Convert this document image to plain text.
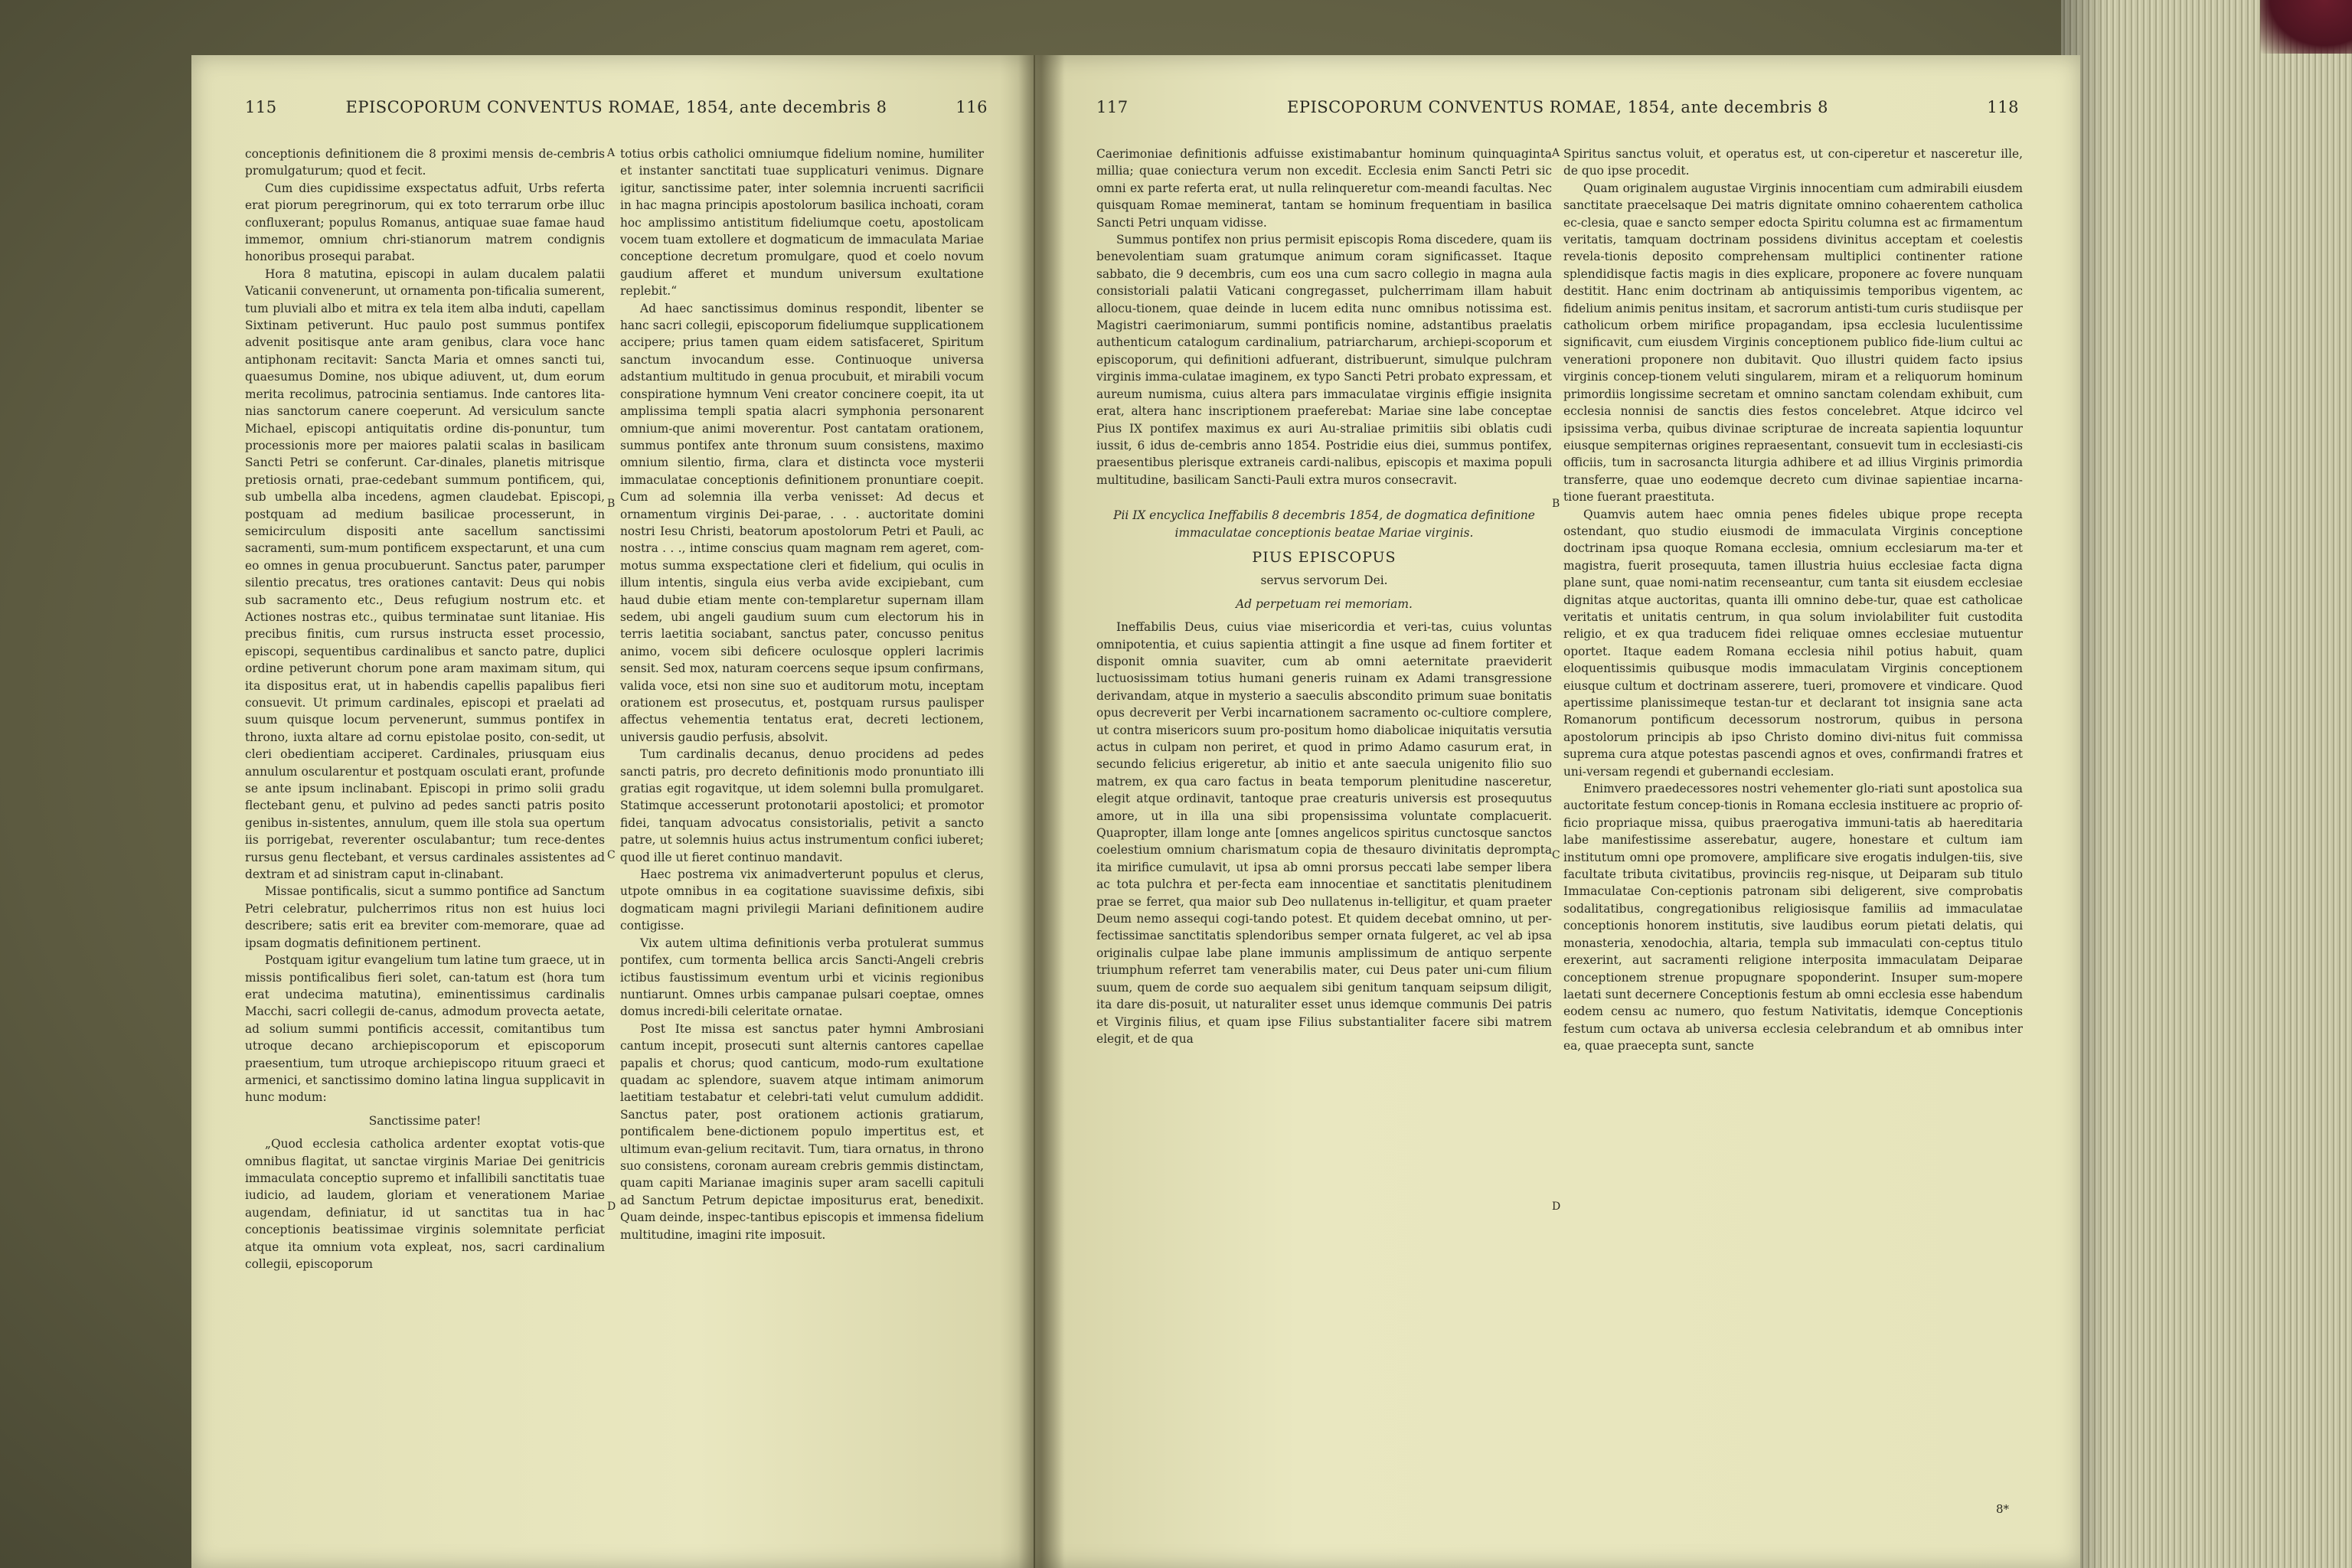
115	EPISCOPORUM CONVENTUS ROMAE, 1854, ante decembris 8	116

conceptionis definitionem die 8 proximi mensis de-cembris promulgaturum; quod et fecit.

Cum dies cupidissime exspectatus adfuit, Urbs referta erat piorum peregrinorum, qui ex toto terrarum orbe illuc confluxerant; populus Romanus, antiquae suae famae haud immemor, omnium chri-stianorum matrem condignis honoribus prosequi parabat.

Hora 8 matutina, episcopi in aulam ducalem palatii Vaticanii convenerunt, ut ornamenta pon-tificalia sumerent, tum pluviali albo et mitra ex tela item alba induti, capellam Sixtinam petiverunt. Huc paulo post summus pontifex advenit positisque ante aram genibus, clara voce hanc antiphonam recitavit: Sancta Maria et omnes sancti tui, quaesumus Domine, nos ubique adiuvent, ut, dum eorum merita recolimus, patrocinia sentiamus. Inde cantores lita-nias sanctorum canere coeperunt. Ad versiculum sancte Michael, episcopi antiquitatis ordine dis-ponuntur, tum processionis more per maiores palatii scalas in basilicam Sancti Petri se conferunt. Car-dinales, planetis mitrisque pretiosis ornati, prae-cedebant summum pontificem, qui, sub umbella alba incedens, agmen claudebat. Episcopi, postquam ad medium basilicae processerunt, in semicirculum dispositi ante sacellum sanctissimi sacramenti, sum-mum pontificem exspectarunt, et una cum eo omnes in genua procubuerunt. Sanctus pater, parumper silentio precatus, tres orationes cantavit: Deus qui nobis sub sacramento etc., Deus refugium nostrum etc. et Actiones nostras etc., quibus terminatae sunt litaniae. His precibus finitis, cum rursus instructa esset processio, episcopi, sequentibus cardinalibus et sancto patre, duplici ordine petiverunt chorum pone aram maximam situm, qui ita dispositus erat, ut in habendis capellis papalibus fieri consuevit. Ut primum cardinales, episcopi et praelati ad suum quisque locum pervenerunt, summus pontifex in throno, iuxta altare ad cornu epistolae posito, con-sedit, ut cleri obedientiam acciperet. Cardinales, priusquam eius annulum oscularentur et postquam osculati erant, profunde se ante ipsum inclinabant. Episcopi in primo solii gradu flectebant genu, et pulvino ad pedes sancti patris posito genibus in-sistentes, annulum, quem ille stola sua opertum iis porrigebat, reverenter osculabantur; tum rece-dentes rursus genu flectebant, et versus cardinales assistentes ad dextram et ad sinistram caput in-clinabant.

Missae pontificalis, sicut a summo pontifice ad Sanctum Petri celebratur, pulcherrimos ritus non est huius loci describere; satis erit ea breviter com-memorare, quae ad ipsam dogmatis definitionem pertinent.

Postquam igitur evangelium tum latine tum graece, ut in missis pontificalibus fieri solet, can-tatum est (hora tum erat undecima matutina), eminentissimus cardinalis Macchi, sacri collegii de-canus, admodum provecta aetate, ad solium summi pontificis accessit, comitantibus tum utroque decano archiepiscoporum et episcoporum praesentium, tum utroque archiepiscopo rituum graeci et armenici, et sanctissimo domino latina lingua supplicavit in hunc modum:

Sanctissime pater!

„Quod ecclesia catholica ardenter exoptat votis-que omnibus flagitat, ut sanctae virginis Mariae Dei genitricis immaculata conceptio supremo et infallibili sanctitatis tuae iudicio, ad laudem, gloriam et venerationem Mariae augendam, definiatur, id ut sanctitas tua in hac conceptionis beatissimae virginis solemnitate perficiat atque ita omnium vota expleat, nos, sacri cardinalium collegii, episcoporum

A
B
C
D

totius orbis catholici omniumque fidelium nomine, humiliter et instanter sanctitati tuae supplicaturi venimus. Dignare igitur, sanctissime pater, inter solemnia incruenti sacrificii in hac magna principis apostolorum basilica inchoati, coram hoc amplissimo antistitum fideliumque coetu, apostolicam vocem tuam extollere et dogmaticum de immaculata Mariae conceptione decretum promulgare, quod et coelo novum gaudium afferet et mundum universum exultatione replebit.“

Ad haec sanctissimus dominus respondit, libenter se hanc sacri collegii, episcoporum fideliumque supplicationem accipere; prius tamen quam eidem satisfaceret, Spiritum sanctum invocandum esse. Continuoque universa adstantium multitudo in genua procubuit, et mirabili vocum conspiratione hymnum Veni creator concinere coepit, ita ut amplissima templi spatia alacri symphonia personarent omnium-que animi moverentur. Post cantatam orationem, summus pontifex ante thronum suum consistens, maximo omnium silentio, firma, clara et distincta voce mysterii immaculatae conceptionis definitionem pronuntiare coepit. Cum ad solemnia illa verba venisset: Ad decus et ornamentum virginis Dei-parae, . . . auctoritate domini nostri Iesu Christi, beatorum apostolorum Petri et Pauli, ac nostra . . ., intime conscius quam magnam rem ageret, com-motus summa exspectatione cleri et fidelium, qui oculis in illum intentis, singula eius verba avide excipiebant, cum haud dubie etiam mente con-templaretur supernam illam sedem, ubi angeli gaudium suum cum electorum his in terris laetitia sociabant, sanctus pater, concusso penitus animo, vocem sibi deficere oculosque oppleri lacrimis sensit. Sed mox, naturam coercens seque ipsum confirmans, valida voce, etsi non sine suo et auditorum motu, inceptam orationem est prosecutus, et, postquam rursus paulisper affectus vehementia tentatus erat, decreti lectionem, universis gaudio perfusis, absolvit.

Tum cardinalis decanus, denuo procidens ad pedes sancti patris, pro decreto definitionis modo pronuntiato illi gratias egit rogavitque, ut idem solemni bulla promulgaret. Statimque accesserunt protonotarii apostolici; et promotor fidei, tanquam advocatus consistorialis, petivit a sancto patre, ut solemnis huius actus instrumentum confici iuberet; quod ille ut fieret continuo mandavit.

Haec postrema vix animadverterunt populus et clerus, utpote omnibus in ea cogitatione suavissime defixis, sibi dogmaticam magni privilegii Mariani definitionem audire contigisse.

Vix autem ultima definitionis verba protulerat summus pontifex, cum tormenta bellica arcis Sancti-Angeli crebris ictibus faustissimum eventum urbi et vicinis regionibus nuntiarunt. Omnes urbis campanae pulsari coeptae, omnes domus incredi-bili celeritate ornatae.

Post Ite missa est sanctus pater hymni Ambrosiani cantum incepit, prosecuti sunt alternis cantores capellae papalis et chorus; quod canticum, modo-rum exultatione quadam ac splendore, suavem atque intimam animorum laetitiam testabatur et celebri-tati velut cumulum addidit. Sanctus pater, post orationem actionis gratiarum, pontificalem bene-dictionem populo impertitus est, et ultimum evan-gelium recitavit. Tum, tiara ornatus, in throno suo consistens, coronam auream crebris gemmis distinctam, quam capiti Marianae imaginis super aram sacelli capituli ad Sanctum Petrum depictae impositurus erat, benedixit. Quam deinde, inspec-tantibus episcopis et immensa fidelium multitudine, imagini rite imposuit.

117	EPISCOPORUM CONVENTUS ROMAE, 1854, ante decembris 8	118

Caerimoniae definitionis adfuisse existimabantur hominum quinquaginta millia; quae coniectura verum non excedit. Ecclesia enim Sancti Petri sic omni ex parte referta erat, ut nulla relinqueretur com-meandi facultas. Nec quisquam Romae meminerat, tantam se hominum frequentiam in basilica Sancti Petri unquam vidisse.

Summus pontifex non prius permisit episcopis Roma discedere, quam iis benevolentiam suam gratumque animum coram significasset. Itaque sabbato, die 9 decembris, cum eos una cum sacro collegio in magna aula consistoriali palatii Vaticani congregasset, pulcherrimam illam habuit allocu-tionem, quae deinde in lucem edita nunc omnibus notissima est. Magistri caerimoniarum, summi pontificis nomine, adstantibus praelatis authenticum catalogum cardinalium, patriarcharum, archiepi-scoporum et episcoporum, qui definitioni adfuerant, distribuerunt, simulque pulchram virginis imma-culatae imaginem, ex typo Sancti Petri probato expressam, et aureum numisma, cuius altera pars immaculatae virginis effigie insignita erat, altera hanc inscriptionem praeferebat: Mariae sine labe conceptae Pius IX pontifex maximus ex auri Au-straliae primitiis sibi oblatis cudi iussit, 6 idus de-cembris anno 1854. Postridie eius diei, summus pontifex, praesentibus plerisque extraneis cardi-nalibus, episcopis et maxima populi multitudine, basilicam Sancti-Pauli extra muros consecravit.

Pii IX encyclica Ineffabilis 8 decembris 1854, de dogmatica definitione immaculatae conceptionis beatae Mariae virginis.

PIUS EPISCOPUS

servus servorum Dei.

Ad perpetuam rei memoriam.

Ineffabilis Deus, cuius viae misericordia et veri-tas, cuius voluntas omnipotentia, et cuius sapientia attingit a fine usque ad finem fortiter et disponit omnia suaviter, cum ab omni aeternitate praeviderit luctuosissimam totius humani generis ruinam ex Adami transgressione derivandam, atque in mysterio a saeculis abscondito primum suae bonitatis opus decreverit per Verbi incarnationem sacramento oc-cultiore complere, ut contra misericors suum pro-positum homo diabolicae iniquitatis versutia actus in culpam non periret, et quod in primo Adamo casurum erat, in secundo felicius erigeretur, ab initio et ante saecula unigenito filio suo matrem, ex qua caro factus in beata temporum plenitudine nasceretur, elegit atque ordinavit, tantoque prae creaturis universis est prosequutus amore, ut in illa una sibi propensissima voluntate complacuerit. Quapropter, illam longe ante [omnes angelicos spiritus cunctosque sanctos coelestium omnium charismatum copia de thesauro divinitatis deprompta ita mirifice cumulavit, ut ipsa ab omni prorsus peccati labe semper libera ac tota pulchra et per-fecta eam innocentiae et sanctitatis plenitudinem prae se ferret, qua maior sub Deo nullatenus in-telligitur, et quam praeter Deum nemo assequi cogi-tando potest. Et quidem decebat omnino, ut per-fectissimae sanctitatis splendoribus semper ornata fulgeret, ac vel ab ipsa originalis culpae labe plane immunis amplissimum de antiquo serpente triumphum referret tam venerabilis mater, cui Deus pater uni-cum filium suum, quem de corde suo aequalem sibi genitum tanquam seipsum diligit, ita dare dis-posuit, ut naturaliter esset unus idemque communis Dei patris et Virginis filius, et quam ipse Filius substantialiter facere sibi matrem elegit, et de qua

A
B
C
D

Spiritus sanctus voluit, et operatus est, ut con-ciperetur et nasceretur ille, de quo ipse procedit.

Quam originalem augustae Virginis innocentiam cum admirabili eiusdem sanctitate praecelsaque Dei matris dignitate omnino cohaerentem catholica ec-clesia, quae e sancto semper edocta Spiritu columna est ac firmamentum veritatis, tamquam doctrinam possidens divinitus acceptam et coelestis revela-tionis deposito comprehensam multiplici continenter ratione splendidisque factis magis in dies explicare, proponere ac fovere nunquam destitit. Hanc enim doctrinam ab antiquissimis temporibus vigentem, ac fidelium animis penitus insitam, et sacrorum antisti-tum curis studiisque per catholicum orbem mirifice propagandam, ipsa ecclesia luculentissime significavit, cum eiusdem Virginis conceptionem publico fide-lium cultui ac venerationi proponere non dubitavit. Quo illustri quidem facto ipsius virginis concep-tionem veluti singularem, miram et a reliquorum hominum primordiis longissime secretam et omnino sanctam colendam exhibuit, cum ecclesia nonnisi de sanctis dies festos concelebret. Atque idcirco vel ipsissima verba, quibus divinae scripturae de increata sapientia loquuntur eiusque sempiternas origines repraesentant, consuevit tum in ecclesiasti-cis officiis, tum in sacrosancta liturgia adhibere et ad illius Virginis primordia transferre, quae uno eodemque decreto cum divinae sapientiae incarna-tione fuerant praestituta.

Quamvis autem haec omnia penes fideles ubique prope recepta ostendant, quo studio eiusmodi de immaculata Virginis conceptione doctrinam ipsa quoque Romana ecclesia, omnium ecclesiarum ma-ter et magistra, fuerit prosequuta, tamen illustria huius ecclesiae facta digna plane sunt, quae nomi-natim recenseantur, cum tanta sit eiusdem ecclesiae dignitas atque auctoritas, quanta illi omnino debe-tur, quae est catholicae veritatis et unitatis centrum, in qua solum inviolabiliter fuit custodita religio, et ex qua traducem fidei reliquae omnes ecclesiae mutuentur oportet. Itaque eadem Romana ecclesia nihil potius habuit, quam eloquentissimis quibusque modis immaculatam Virginis conceptionem eiusque cultum et doctrinam asserere, tueri, promovere et vindicare. Quod apertissime planissimeque testan-tur et declarant tot insignia sane acta Romanorum pontificum decessorum nostrorum, quibus in persona apostolorum principis ab ipso Christo domino divi-nitus fuit commissa suprema cura atque potestas pascendi agnos et oves, confirmandi fratres et uni-versam regendi et gubernandi ecclesiam.

Enimvero praedecessores nostri vehementer glo-riati sunt apostolica sua auctoritate festum concep-tionis in Romana ecclesia instituere ac proprio of-ficio propriaque missa, quibus praerogativa immuni-tatis ab haereditaria labe manifestissime asserebatur, augere, honestare et cultum iam institutum omni ope promovere, amplificare sive erogatis indulgen-tiis, sive facultate tributa civitatibus, provinciis reg-nisque, ut Deiparam sub titulo Immaculatae Con-ceptionis patronam sibi deligerent, sive comprobatis sodalitatibus, congregationibus religiosisque familiis ad immaculatae conceptionis honorem institutis, sive laudibus eorum pietati delatis, qui monasteria, xenodochia, altaria, templa sub immaculati con-ceptus titulo erexerint, aut sacramenti religione interposita immaculatam Deiparae conceptionem strenue propugnare spoponderint. Insuper sum-mopere laetati sunt decernere Conceptionis festum ab omni ecclesia esse habendum eodem censu ac numero, quo festum Nativitatis, idemque Conceptionis festum cum octava ab universa ecclesia celebrandum et ab omnibus inter ea, quae praecepta sunt, sancte

8*
